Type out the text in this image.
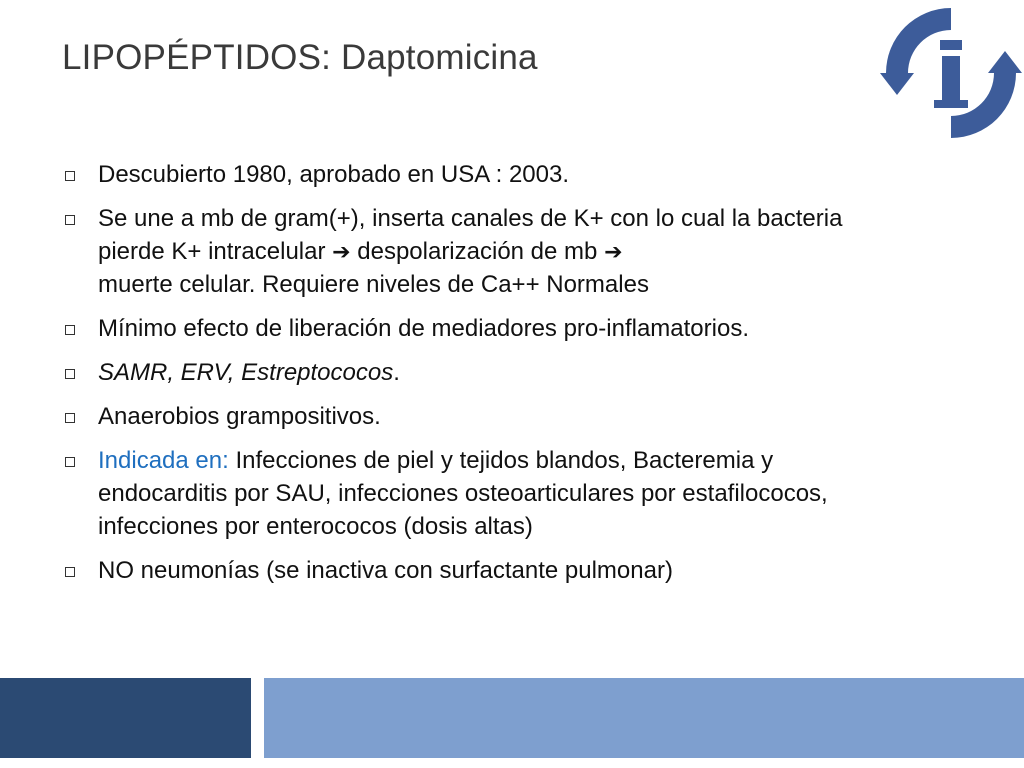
LIPOPÉPTIDOS: Daptomicina
Descubierto 1980, aprobado en USA : 2003.
Se une a mb de gram(+), inserta canales de K+ con lo cual la bacteria pierde K+ intracelular ➔ despolarización de mb ➔
muerte celular. Requiere niveles de Ca++ Normales
Mínimo efecto de liberación de mediadores pro-inflamatorios.
SAMR, ERV, Estreptococos.
Anaerobios grampositivos.
Indicada en: Infecciones de piel y tejidos blandos, Bacteremia y endocarditis por SAU, infecciones osteoarticulares por estafilococos, infecciones por enterococos (dosis altas)
NO neumonías (se inactiva con surfactante pulmonar)
